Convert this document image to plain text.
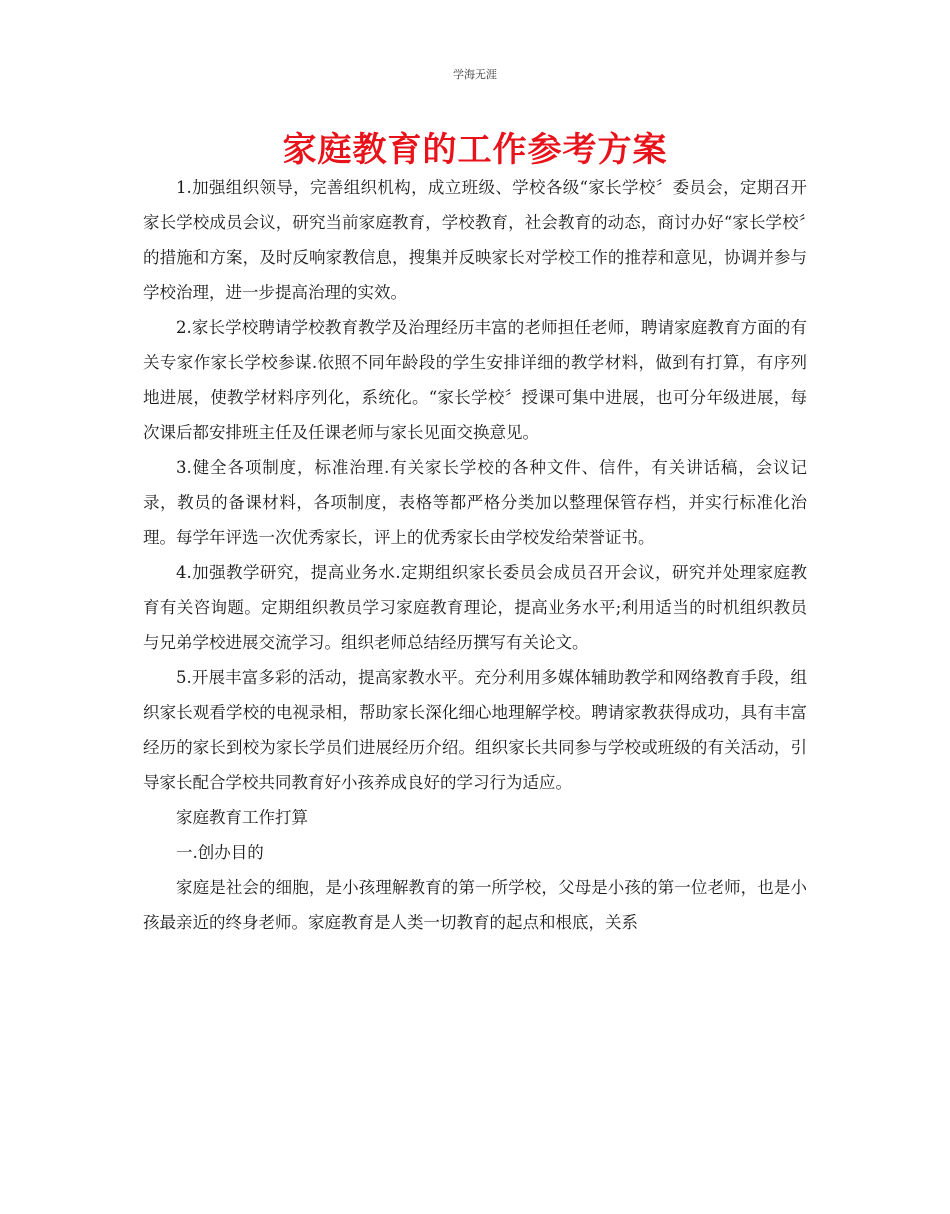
学海无涯
家庭教育的工作参考方案

1.加强组织领导，完善组织机构，成立班级、学校各级“家长学校〞委员会，定期召开家长学校成员会议，研究当前家庭教育，学校教育，社会教育的动态，商讨办好“家长学校〞的措施和方案，及时反响家教信息，搜集并反映家长对学校工作的推荐和意见，协调并参与学校治理，进一步提高治理的实效。

2.家长学校聘请学校教育教学及治理经历丰富的老师担任老师，聘请家庭教育方面的有关专家作家长学校参谋.依照不同年龄段的学生安排详细的教学材料，做到有打算，有序列地进展，使教学材料序列化，系统化。“家长学校〞授课可集中进展，也可分年级进展，每次课后都安排班主任及任课老师与家长见面交换意见。

3.健全各项制度，标准治理.有关家长学校的各种文件、信件，有关讲话稿，会议记录，教员的备课材料，各项制度，表格等都严格分类加以整理保管存档，并实行标准化治理。每学年评选一次优秀家长，评上的优秀家长由学校发给荣誉证书。

4.加强教学研究，提高业务水.定期组织家长委员会成员召开会议，研究并处理家庭教育有关咨询题。定期组织教员学习家庭教育理论，提高业务水平;利用适当的时机组织教员与兄弟学校进展交流学习。组织老师总结经历撰写有关论文。

5.开展丰富多彩的活动，提高家教水平。充分利用多媒体辅助教学和网络教育手段，组织家长观看学校的电视录相，帮助家长深化细心地理解学校。聘请家教获得成功，具有丰富经历的家长到校为家长学员们进展经历介绍。组织家长共同参与学校或班级的有关活动，引导家长配合学校共同教育好小孩养成良好的学习行为适应。

家庭教育工作打算

一.创办目的

家庭是社会的细胞，是小孩理解教育的第一所学校，父母是小孩的第一位老师，也是小孩最亲近的终身老师。家庭教育是人类一切教育的起点和根底，关系
